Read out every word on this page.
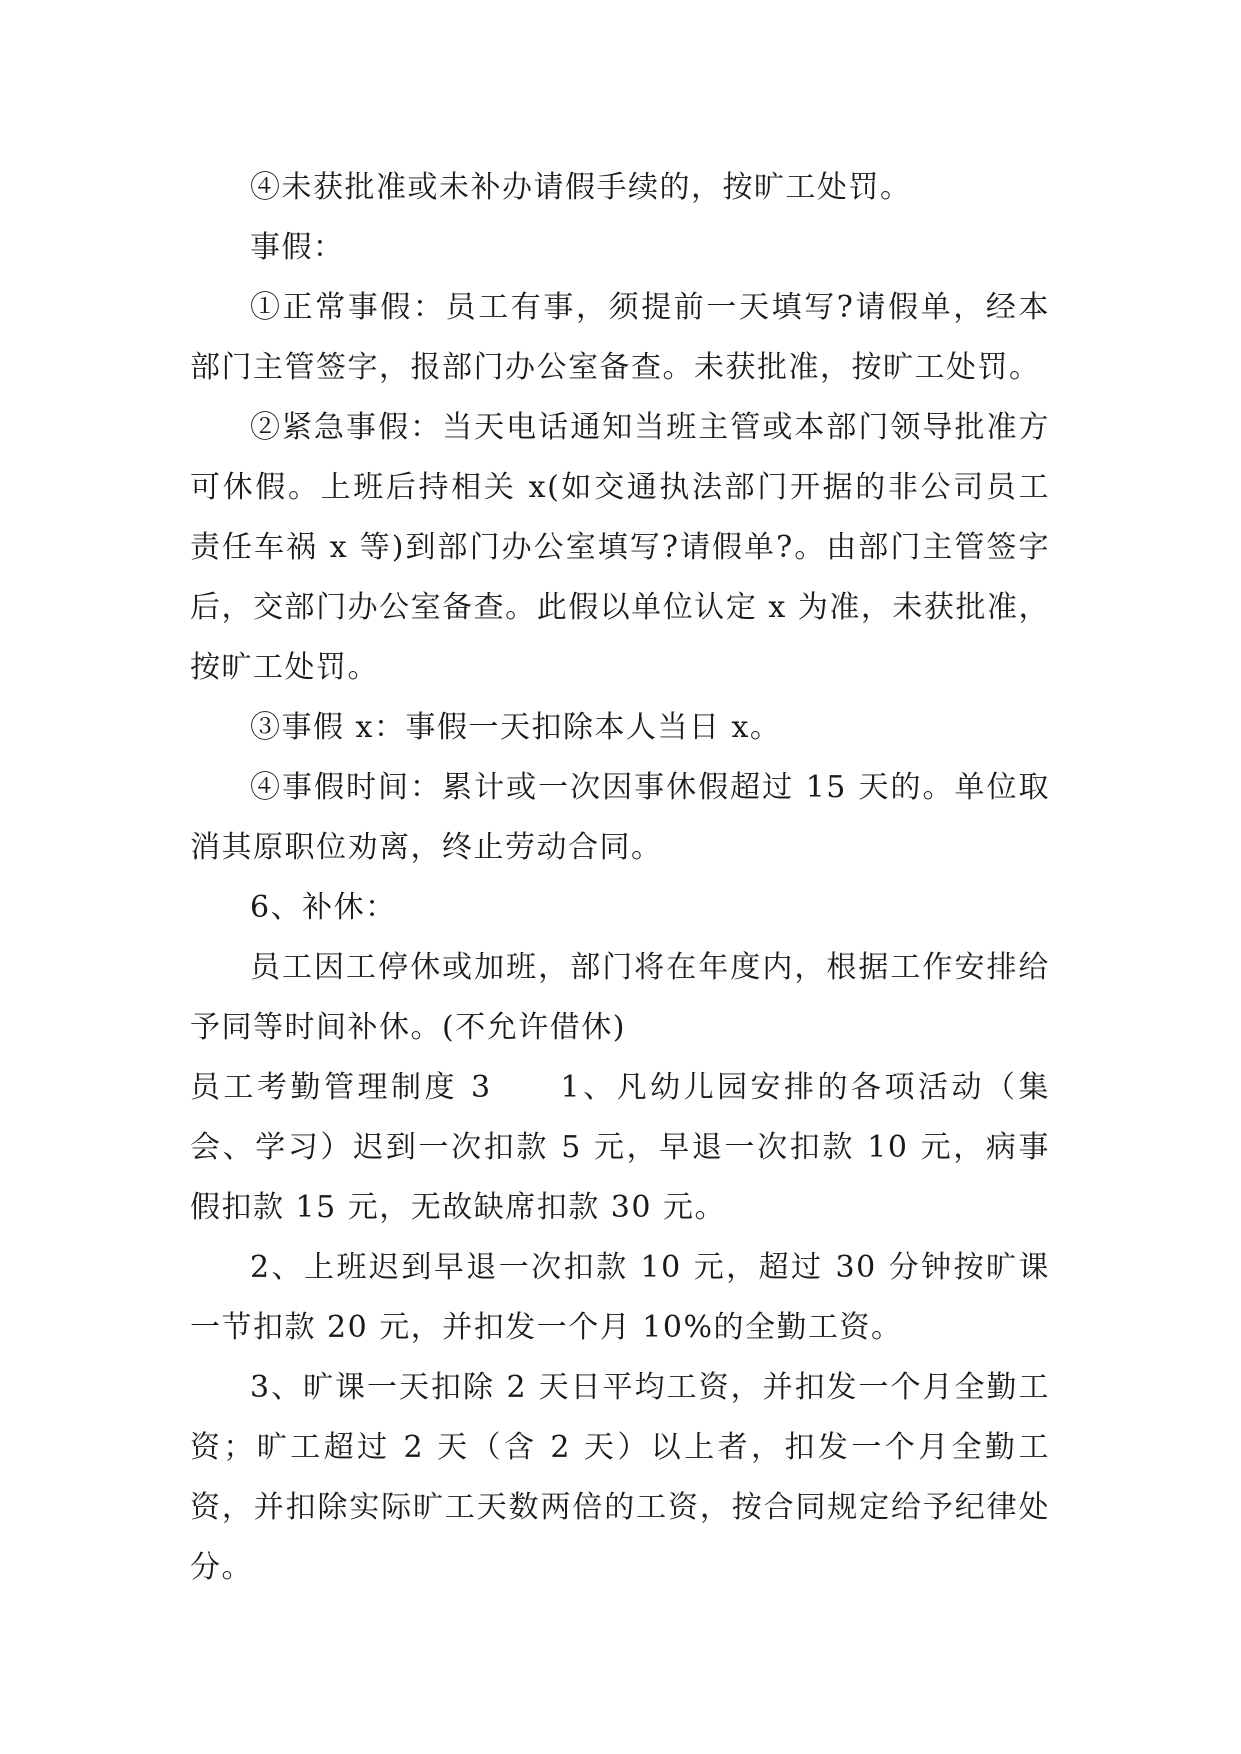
④未获批准或未补办请假手续的，按旷工处罚。

事假：

①正常事假：员工有事，须提前一天填写?请假单，经本部门主管签字，报部门办公室备查。未获批准，按旷工处罚。

②紧急事假：当天电话通知当班主管或本部门领导批准方可休假。上班后持相关 x(如交通执法部门开据的非公司员工责任车祸 x 等)到部门办公室填写?请假单?。由部门主管签字后，交部门办公室备查。此假以单位认定 x 为准，未获批准，按旷工处罚。

③事假 x：事假一天扣除本人当日 x。

④事假时间：累计或一次因事休假超过 15 天的。单位取消其原职位劝离，终止劳动合同。

6、补休：

员工因工停休或加班，部门将在年度内，根据工作安排给予同等时间补休。(不允许借休)

员工考勤管理制度 3　　1、凡幼儿园安排的各项活动（集会、学习）迟到一次扣款 5 元，早退一次扣款 10 元，病事假扣款 15 元，无故缺席扣款 30 元。

2、上班迟到早退一次扣款 10 元，超过 30 分钟按旷课一节扣款 20 元，并扣发一个月 10%的全勤工资。

3、旷课一天扣除 2 天日平均工资，并扣发一个月全勤工资；旷工超过 2 天（含 2 天）以上者，扣发一个月全勤工资，并扣除实际旷工天数两倍的工资，按合同规定给予纪律处分。
